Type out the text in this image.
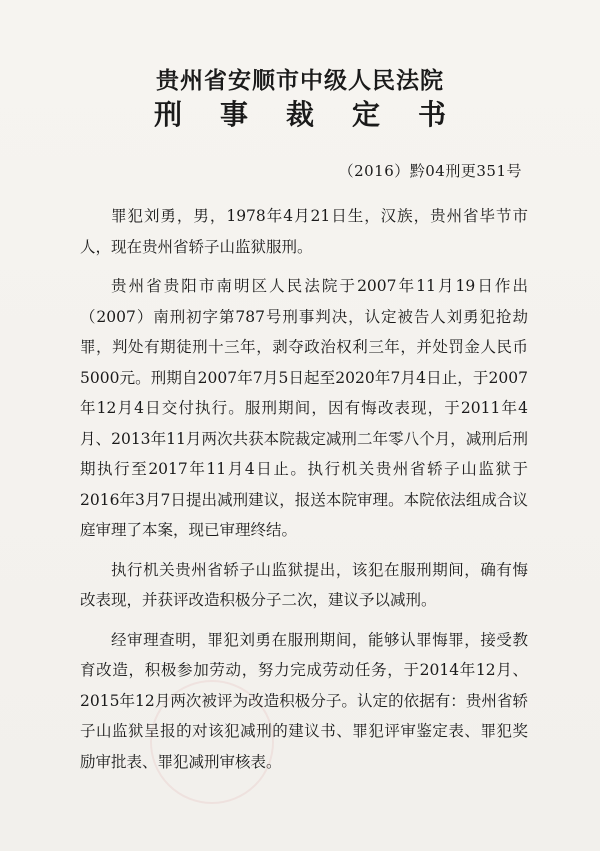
贵州省安顺市中级人民法院
刑事裁定书
（2016）黔04刑更351号

罪犯刘勇，男，1978年4月21日生，汉族，贵州省毕节市人，现在贵州省轿子山监狱服刑。

贵州省贵阳市南明区人民法院于2007年11月19日作出（2007）南刑初字第787号刑事判决，认定被告人刘勇犯抢劫罪，判处有期徒刑十三年，剥夺政治权利三年，并处罚金人民币5000元。刑期自2007年7月5日起至2020年7月4日止，于2007年12月4日交付执行。服刑期间，因有悔改表现，于2011年4月、2013年11月两次共获本院裁定减刑二年零八个月，减刑后刑期执行至2017年11月4日止。执行机关贵州省轿子山监狱于2016年3月7日提出减刑建议，报送本院审理。本院依法组成合议庭审理了本案，现已审理终结。

执行机关贵州省轿子山监狱提出，该犯在服刑期间，确有悔改表现，并获评改造积极分子二次，建议予以减刑。

经审理查明，罪犯刘勇在服刑期间，能够认罪悔罪，接受教育改造，积极参加劳动，努力完成劳动任务，于2014年12月、2015年12月两次被评为改造积极分子。认定的依据有：贵州省轿子山监狱呈报的对该犯减刑的建议书、罪犯评审鉴定表、罪犯奖励审批表、罪犯减刑审核表。
